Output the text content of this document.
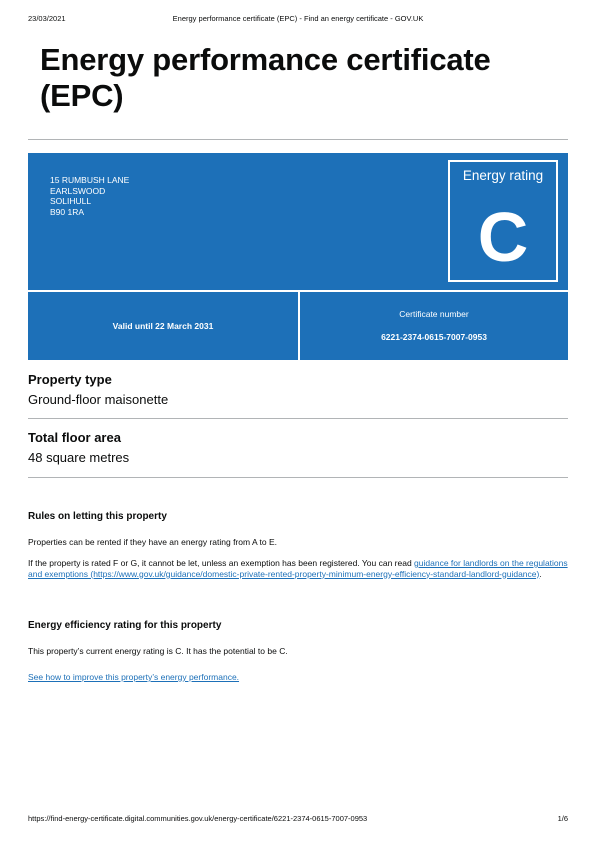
23/03/2021	Energy performance certificate (EPC) - Find an energy certificate - GOV.UK
Energy performance certificate (EPC)
15 RUMBUSH LANE
EARLSWOOD
SOLIHULL
B90 1RA
Energy rating
C
Valid until 22 March 2031
Certificate number
6221-2374-0615-7007-0953
Property type
Ground-floor maisonette
Total floor area
48 square metres
Rules on letting this property
Properties can be rented if they have an energy rating from A to E.
If the property is rated F or G, it cannot be let, unless an exemption has been registered. You can read guidance for landlords on the regulations and exemptions (https://www.gov.uk/guidance/domestic-private-rented-property-minimum-energy-efficiency-standard-landlord-guidance).
Energy efficiency rating for this property
This property’s current energy rating is C. It has the potential to be C.
See how to improve this property’s energy performance.
https://find-energy-certificate.digital.communities.gov.uk/energy-certificate/6221-2374-0615-7007-0953	1/6
